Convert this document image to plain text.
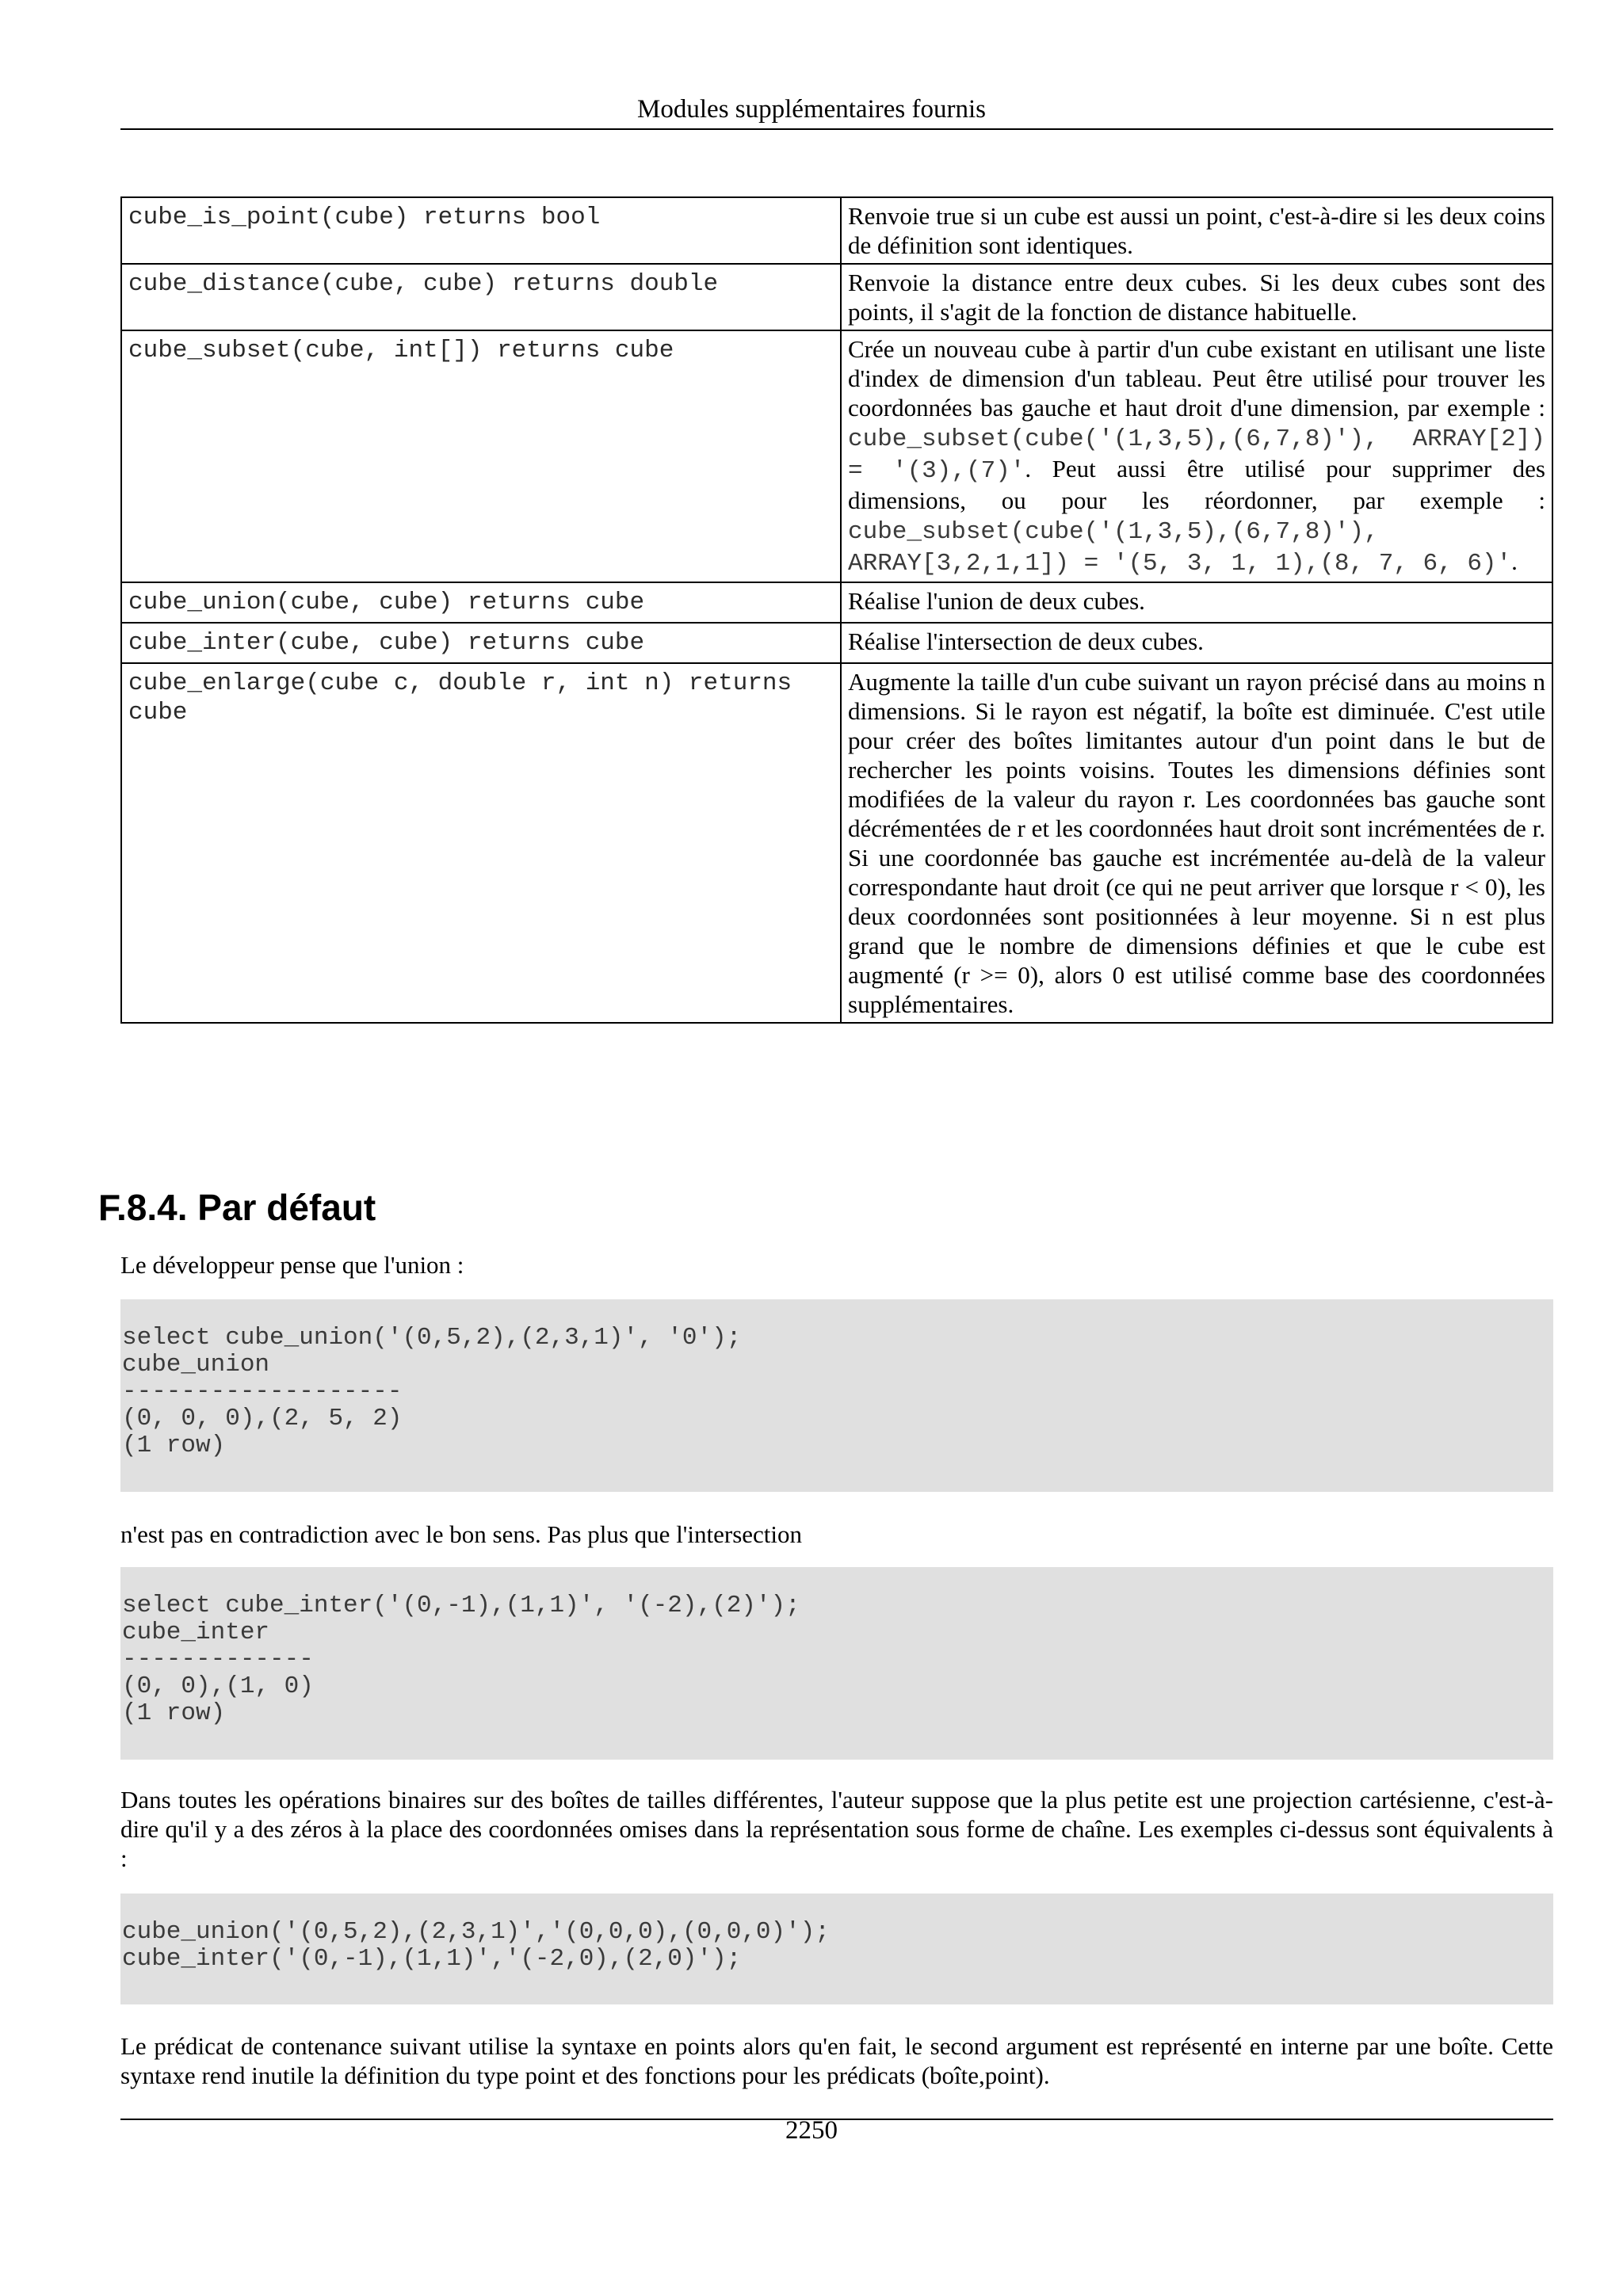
Modules supplémentaires fournis
cube_is_point(cube) returns bool	Renvoie true si un cube est aussi un point, c'est-à-dire si les deux coins de définition sont identiques.
cube_distance(cube, cube) returns double	Renvoie la distance entre deux cubes. Si les deux cubes sont des points, il s'agit de la fonction de distance habituelle.
cube_subset(cube, int[]) returns cube	Crée un nouveau cube à partir d'un cube existant en utilisant une liste d'index de dimension d'un tableau. Peut être utilisé pour trouver les coordonnées bas gauche et haut droit d'une dimension, par exemple : cube_subset(cube('(1,3,5),(6,7,8)'), ARRAY[2]) = '(3),(7)'. Peut aussi être utilisé pour supprimer des dimensions, ou pour les réordonner, par exemple : cube_subset(cube('(1,3,5),(6,7,8)'), ARRAY[3,2,1,1]) = '(5, 3, 1, 1),(8, 7, 6, 6)'.
cube_union(cube, cube) returns cube	Réalise l'union de deux cubes.
cube_inter(cube, cube) returns cube	Réalise l'intersection de deux cubes.
cube_enlarge(cube c, double r, int n) returns cube	Augmente la taille d'un cube suivant un rayon précisé dans au moins n dimensions. Si le rayon est négatif, la boîte est diminuée. C'est utile pour créer des boîtes limitantes autour d'un point dans le but de rechercher les points voisins. Toutes les dimensions définies sont modifiées de la valeur du rayon r. Les coordonnées bas gauche sont décrémentées de r et les coordonnées haut droit sont incrémentées de r. Si une coordonnée bas gauche est incrémentée au-delà de la valeur correspondante haut droit (ce qui ne peut arriver que lorsque r < 0), les deux coordonnées sont positionnées à leur moyenne. Si n est plus grand que le nombre de dimensions définies et que le cube est augmenté (r >= 0), alors 0 est utilisé comme base des coordonnées supplémentaires.
F.8.4. Par défaut
Le développeur pense que l'union :
select cube_union('(0,5,2),(2,3,1)', '0');
cube_union
-------------------
(0, 0, 0),(2, 5, 2)
(1 row)
n'est pas en contradiction avec le bon sens. Pas plus que l'intersection
select cube_inter('(0,-1),(1,1)', '(-2),(2)');
cube_inter
-------------
(0, 0),(1, 0)
(1 row)
Dans toutes les opérations binaires sur des boîtes de tailles différentes, l'auteur suppose que la plus petite est une projection cartésienne, c'est-à-dire qu'il y a des zéros à la place des coordonnées omises dans la représentation sous forme de chaîne. Les exemples ci-dessus sont équivalents à :
cube_union('(0,5,2),(2,3,1)','(0,0,0),(0,0,0)');
cube_inter('(0,-1),(1,1)','(-2,0),(2,0)');
Le prédicat de contenance suivant utilise la syntaxe en points alors qu'en fait, le second argument est représenté en interne par une boîte. Cette syntaxe rend inutile la définition du type point et des fonctions pour les prédicats (boîte,point).
2250
